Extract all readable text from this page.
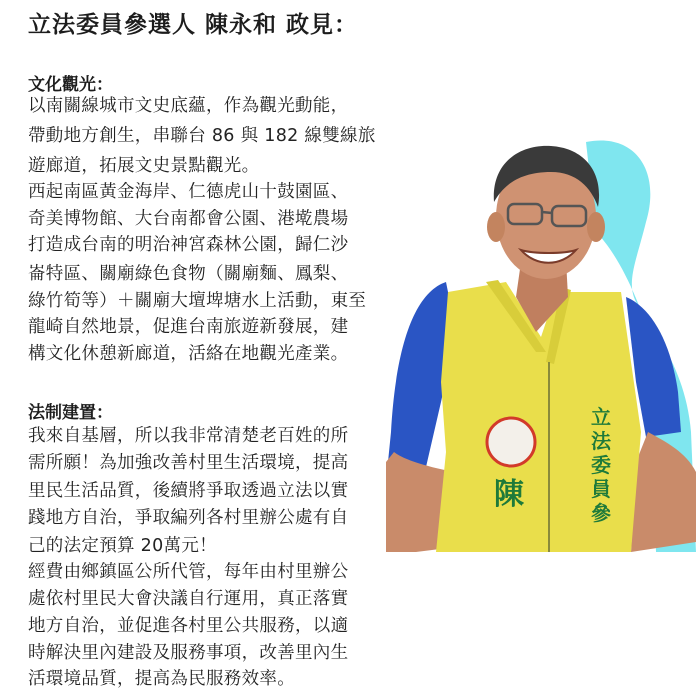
立法委員參選人 陳永和 政見：
文化觀光：
以南關線城市文史底蘊，作為觀光動能，
帶動地方創生，串聯台 86 與 182 線雙線旅
遊廊道，拓展文史景點觀光。
西起南區黃金海岸、仁德虎山十鼓園區、
奇美博物館、大台南都會公園、港墘農場
打造成台南的明治神宮森林公園，歸仁沙
崙特區、關廟綠色食物（關廟麵、鳳梨、
綠竹筍等）＋關廟大壇埤塘水上活動，東至
龍崎自然地景，促進台南旅遊新發展，建
構文化休憩新廊道，活絡在地觀光產業。
法制建置：
我來自基層，所以我非常清楚老百姓的所
需所願！為加強改善村里生活環境，提高
里民生活品質，後續將爭取透過立法以實
踐地方自治，爭取編列各村里辦公處有自
己的法定預算 20萬元！
經費由鄉鎮區公所代管，每年由村里辦公
處依村里民大會決議自行運用，真正落實
地方自治，並促進各村里公共服務，以適
時解決里內建設及服務事項，改善里內生
活環境品質，提高為民服務效率。
立
法
委
員
參
陳
